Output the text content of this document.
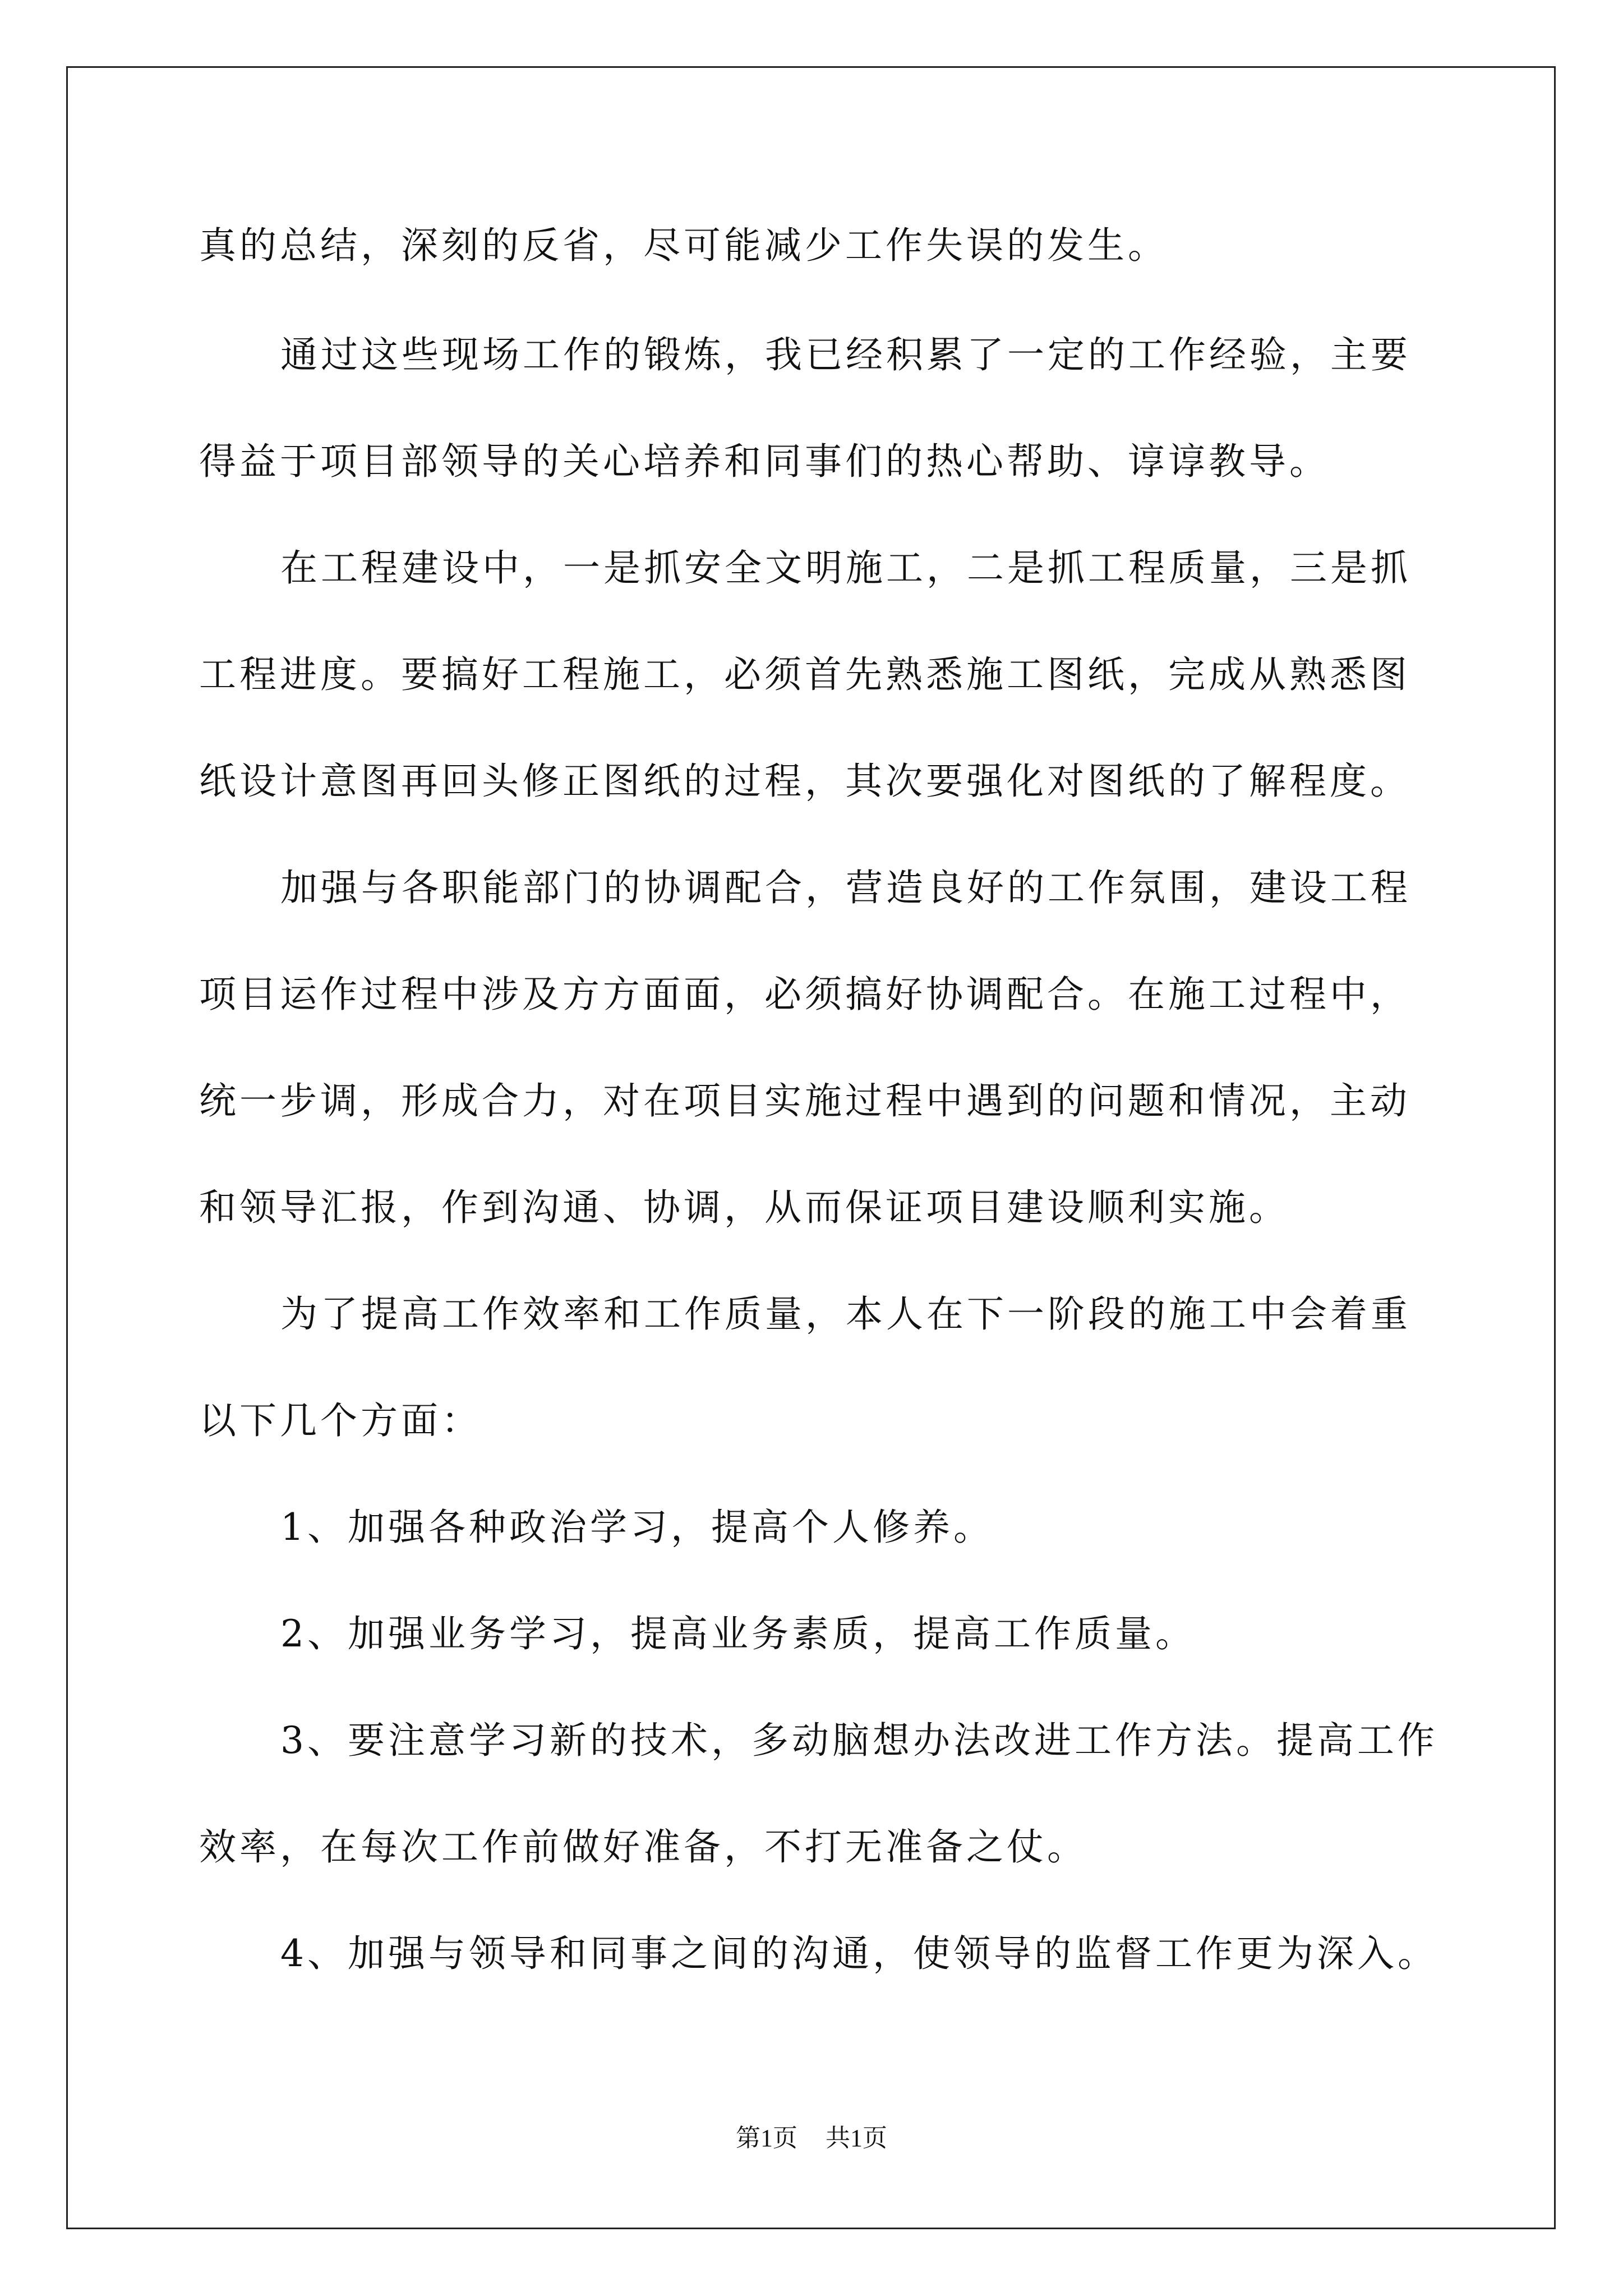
真的总结，深刻的反省，尽可能减少工作失误的发生。
通过这些现场工作的锻炼，我已经积累了一定的工作经验，主要
得益于项目部领导的关心培养和同事们的热心帮助、谆谆教导。
在工程建设中，一是抓安全文明施工，二是抓工程质量，三是抓
工程进度。要搞好工程施工，必须首先熟悉施工图纸，完成从熟悉图
纸设计意图再回头修正图纸的过程，其次要强化对图纸的了解程度。
加强与各职能部门的协调配合，营造良好的工作氛围，建设工程
项目运作过程中涉及方方面面，必须搞好协调配合。在施工过程中，
统一步调，形成合力，对在项目实施过程中遇到的问题和情况，主动
和领导汇报，作到沟通、协调，从而保证项目建设顺利实施。
为了提高工作效率和工作质量，本人在下一阶段的施工中会着重
以下几个方面：
1、加强各种政治学习，提高个人修养。
2、加强业务学习，提高业务素质，提高工作质量。
3、要注意学习新的技术，多动脑想办法改进工作方法。提高工作
效率，在每次工作前做好准备，不打无准备之仗。
4、加强与领导和同事之间的沟通，使领导的监督工作更为深入。
第1页 共1页
